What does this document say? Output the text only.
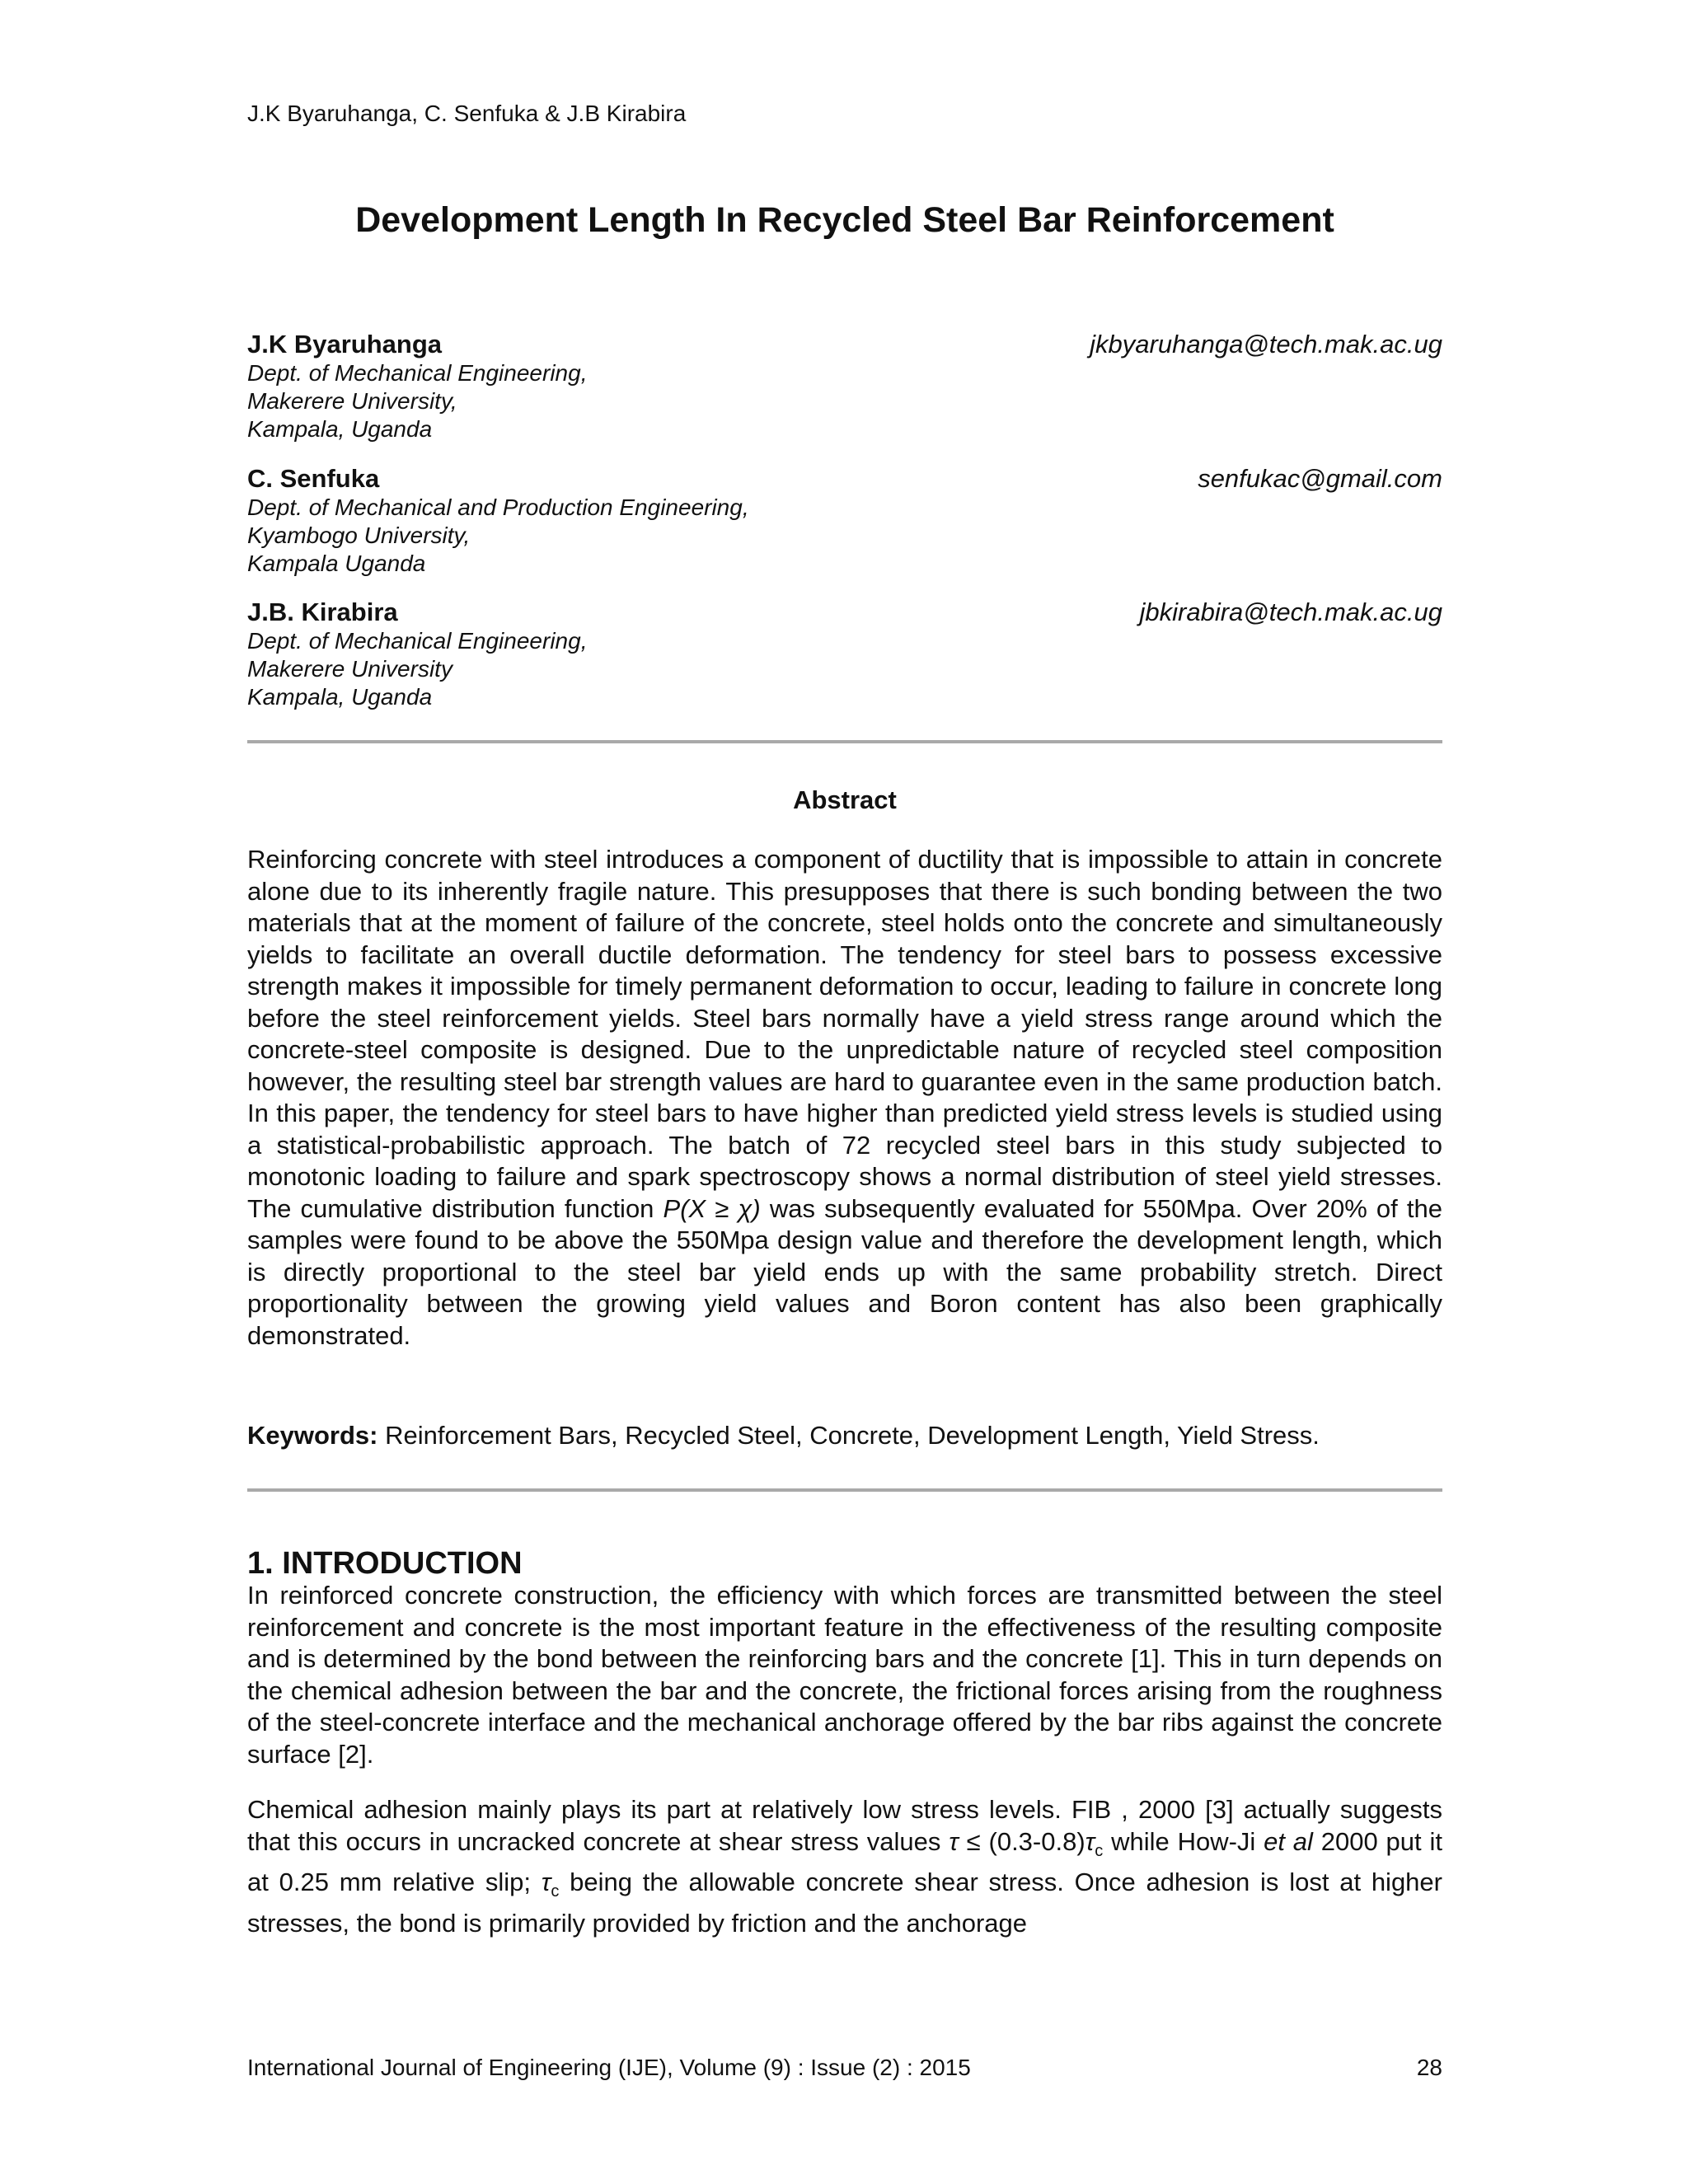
J.K Byaruhanga, C. Senfuka & J.B Kirabira
Development Length In Recycled Steel Bar Reinforcement
J.K Byaruhanga
Dept. of Mechanical Engineering,
Makerere University,
Kampala, Uganda
jkbyaruhanga@tech.mak.ac.ug
C. Senfuka
Dept. of Mechanical and Production Engineering,
Kyambogo University,
Kampala Uganda
senfukac@gmail.com
J.B. Kirabira
Dept. of Mechanical Engineering,
Makerere University
Kampala, Uganda
jbkirabira@tech.mak.ac.ug
Abstract

Reinforcing concrete with steel introduces a component of ductility that is impossible to attain in concrete alone due to its inherently fragile nature. This presupposes that there is such bonding between the two materials that at the moment of failure of the concrete, steel holds onto the concrete and simultaneously yields to facilitate an overall ductile deformation. The tendency for steel bars to possess excessive strength makes it impossible for timely permanent deformation to occur, leading to failure in concrete long before the steel reinforcement yields. Steel bars normally have a yield stress range around which the concrete-steel composite is designed. Due to the unpredictable nature of recycled steel composition however, the resulting steel bar strength values are hard to guarantee even in the same production batch. In this paper, the tendency for steel bars to have higher than predicted yield stress levels is studied using a statistical-probabilistic approach. The batch of 72 recycled steel bars in this study subjected to monotonic loading to failure and spark spectroscopy shows a normal distribution of steel yield stresses. The cumulative distribution function P(X ≥ χ) was subsequently evaluated for 550Mpa. Over 20% of the samples were found to be above the 550Mpa design value and therefore the development length, which is directly proportional to the steel bar yield ends up with the same probability stretch. Direct proportionality between the growing yield values and Boron content has also been graphically demonstrated.

Keywords: Reinforcement Bars, Recycled Steel, Concrete, Development Length, Yield Stress.
1. INTRODUCTION

In reinforced concrete construction, the efficiency with which forces are transmitted between the steel reinforcement and concrete is the most important feature in the effectiveness of the resulting composite and is determined by the bond between the reinforcing bars and the concrete [1]. This in turn depends on the chemical adhesion between the bar and the concrete, the frictional forces arising from the roughness of the steel-concrete interface and the mechanical anchorage offered by the bar ribs against the concrete surface [2].

Chemical adhesion mainly plays its part at relatively low stress levels. FIB , 2000 [3] actually suggests that this occurs in uncracked concrete at shear stress values $\tau \le (0.3-0.8)\tau_c$ while How-Ji et al 2000 put it at 0.25 mm relative slip; $\tau_c$ being the allowable concrete shear stress. Once adhesion is lost at higher stresses, the bond is primarily provided by friction and the anchorage

International Journal of Engineering (IJE), Volume (9) : Issue (2) : 2015	28
